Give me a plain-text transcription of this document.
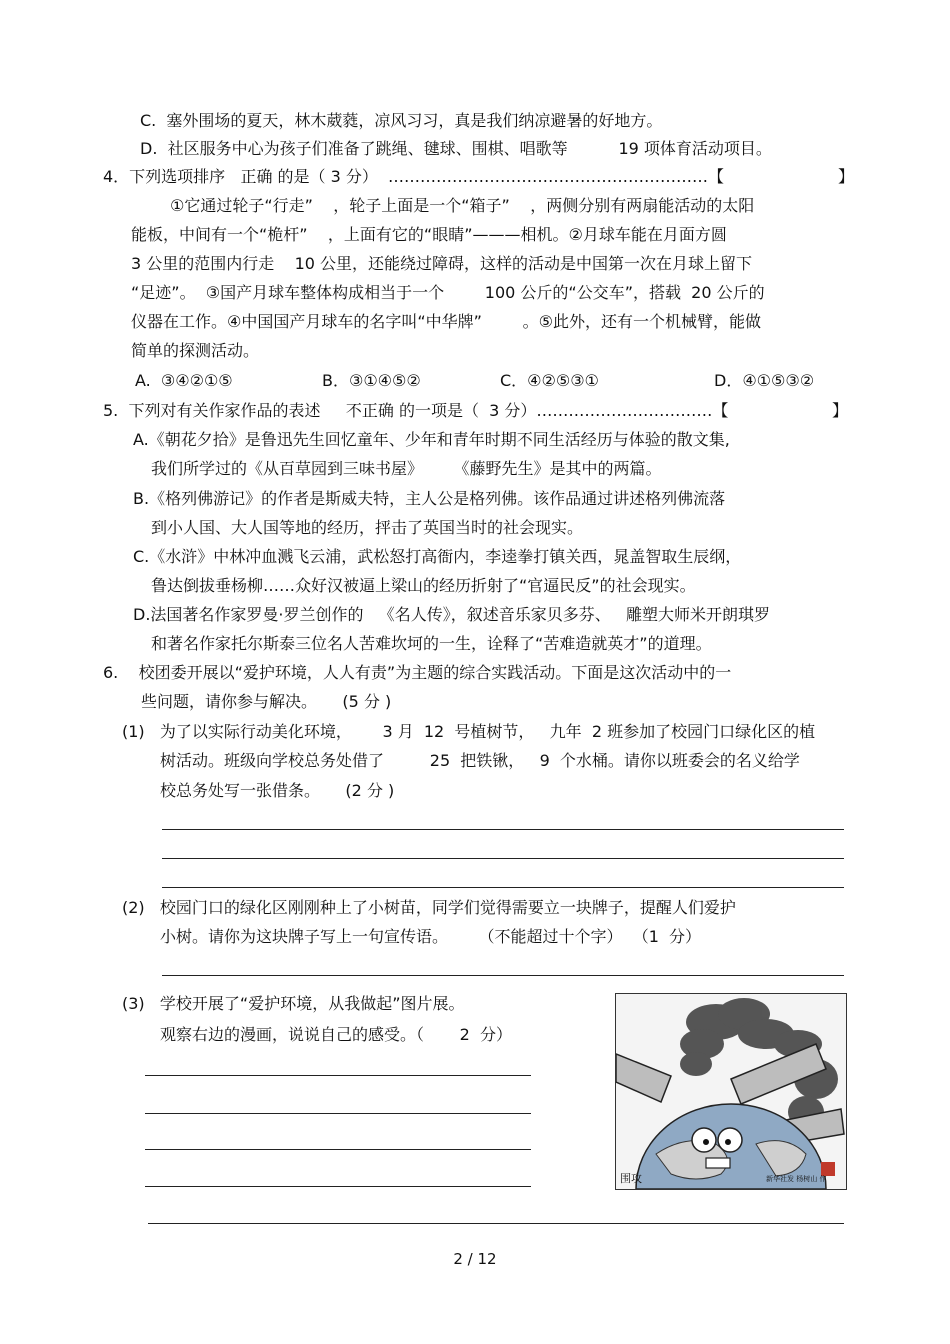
C.  塞外围场的夏天，林木葳蕤，凉风习习，真是我们纳凉避暑的好地方。
D.  社区服务中心为孩子们准备了跳绳、毽球、围棋、唱歌等          19 项体育活动项目。
4．下列选项排序   正确 的是（ 3 分）  ……………………………………………………【	】
①它通过轮子“行走”    ，轮子上面是一个“箱子”    ，两侧分别有两扇能活动的太阳
能板，中间有一个“桅杆”    ，上面有它的“眼睛”———相机。②月球车能在月面方圆
3 公里的范围内行走    10 公里，还能绕过障碍，这样的活动是中国第一次在月球上留下
“足迹”。  ③国产月球车整体构成相当于一个        100 公斤的“公交车”，搭载  20 公斤的
仪器在工作。④中国国产月球车的名字叫“中华牌”        。⑤此外，还有一个机械臂，能做
简单的探测活动。
A.  ③④②①⑤	B．③①④⑤②	C．④②⑤③①	D．④①⑤③②
5.  下列对有关作家作品的表述     不正确 的一项是（  3 分）……………………………【	】
A.《朝花夕拾》是鲁迅先生回忆童年、少年和青年时期不同生活经历与体验的散文集,
我们所学过的《从百草园到三味书屋》      《藤野先生》是其中的两篇。
B.《格列佛游记》的作者是斯威夫特，主人公是格列佛。该作品通过讲述格列佛流落
到小人国、大人国等地的经历，抨击了英国当时的社会现实。
C.《水浒》中林冲血溅飞云浦，武松怒打高衙内，李逵拳打镇关西，晁盖智取生辰纲，
鲁达倒拔垂杨柳……众好汉被逼上梁山的经历折射了“官逼民反”的社会现实。
D.法国著名作家罗曼·罗兰创作的   《名人传》，叙述音乐家贝多芬、   雕塑大师米开朗琪罗
和著名作家托尔斯泰三位名人苦难坎坷的一生，诠释了“苦难造就英才”的道理。
6.    校团委开展以“爱护环境，人人有责”为主题的综合实践活动。下面是这次活动中的一
些问题，请你参与解决。     (5 分 )
(1)   为了以实际行动美化环境，      3 月  12  号植树节，   九年  2 班参加了校园门口绿化区的植
树活动。班级向学校总务处借了         25  把铁锹，   9  个水桶。请你以班委会的名义给学
校总务处写一张借条。     (2 分 )
(2)   校园门口的绿化区刚刚种上了小树苗，同学们觉得需要立一块牌子，提醒人们爱护
小树。请你为这块牌子写上一句宣传语。      （不能超过十个字）  （1  分）
(3)   学校开展了“爱护环境，从我做起”图片展。
观察右边的漫画，说说自己的感受。（       2  分）
围攻	新华社发 杨树山 作
2 / 12
